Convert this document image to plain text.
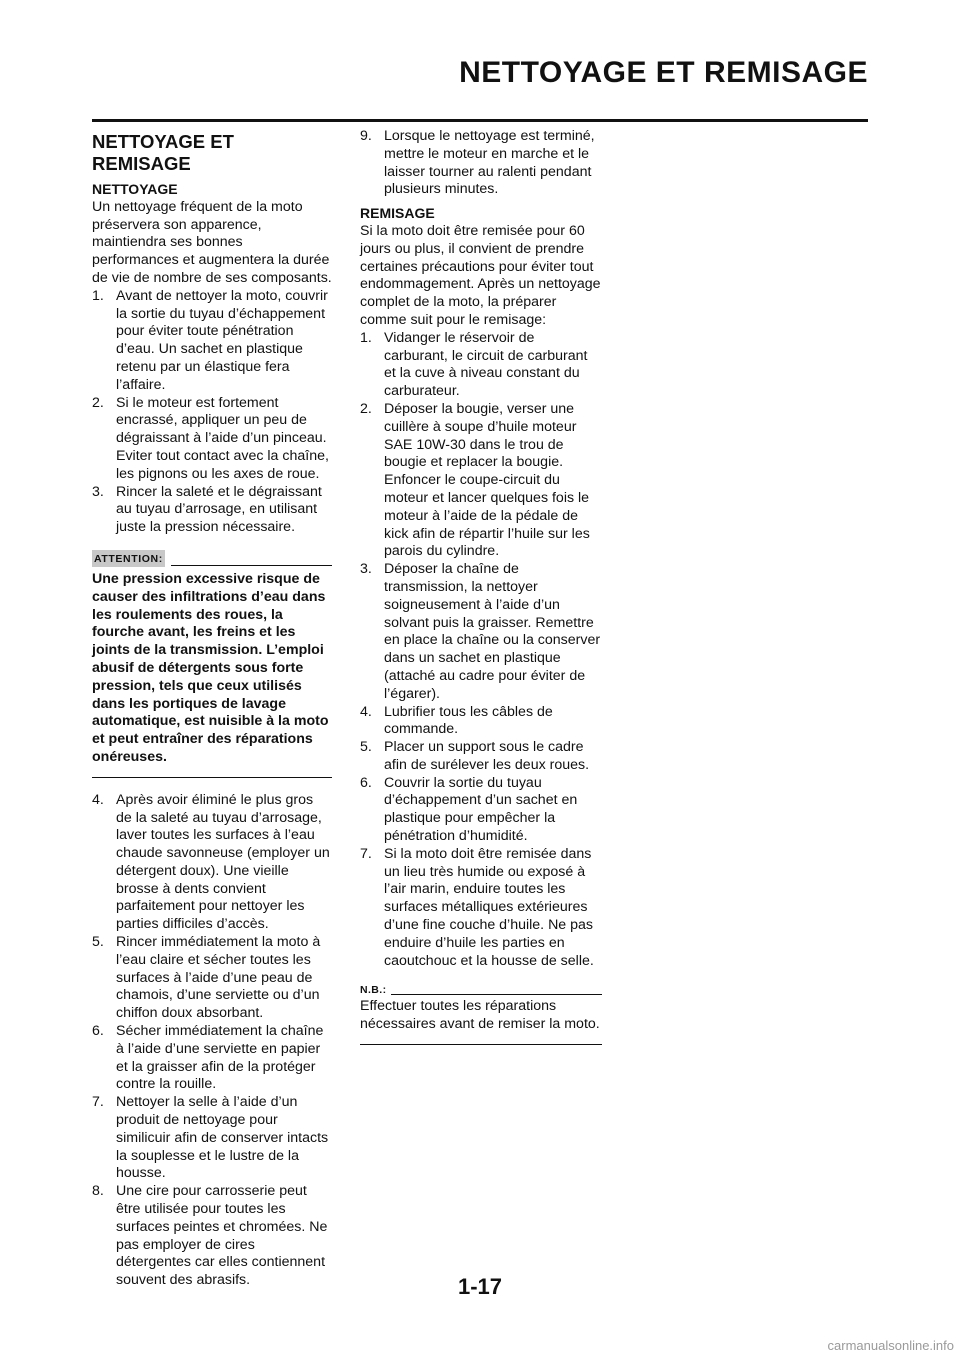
NETTOYAGE ET REMISAGE
NETTOYAGE ET REMISAGE
NETTOYAGE

Un nettoyage fréquent de la moto préservera son apparence, maintiendra ses bonnes performances et augmentera la durée de vie de nombre de ses composants.

1. Avant de nettoyer la moto, couvrir la sortie du tuyau d’échappement pour éviter toute pénétration d’eau. Un sachet en plastique retenu par un élastique fera l’affaire.
2. Si le moteur est fortement encrassé, appliquer un peu de dégraissant à l’aide d’un pinceau. Eviter tout contact avec la chaîne, les pignons ou les axes de roue.
3. Rincer la saleté et le dégraissant au tuyau d’arrosage, en utilisant juste la pression nécessaire.
ATTENTION:
Une pression excessive risque de causer des infiltrations d’eau dans les roulements des roues, la fourche avant, les freins et les joints de la transmission. L’emploi abusif de détergents sous forte pression, tels que ceux utilisés dans les portiques de lavage automatique, est nuisible à la moto et peut entraîner des réparations onéreuses.
4. Après avoir éliminé le plus gros de la saleté au tuyau d’arrosage, laver toutes les surfaces à l’eau chaude savonneuse (employer un détergent doux). Une vieille brosse à dents convient parfaitement pour nettoyer les parties difficiles d’accès.
5. Rincer immédiatement la moto à l’eau claire et sécher toutes les surfaces à l’aide d’une peau de chamois, d’une serviette ou d’un chiffon doux absorbant.
6. Sécher immédiatement la chaîne à l’aide d’une serviette en papier et la graisser afin de la protéger contre la rouille.
7. Nettoyer la selle à l’aide d’un produit de nettoyage pour similicuir afin de conserver intacts la souplesse et le lustre de la housse.
8. Une cire pour carrosserie peut être utilisée pour toutes les surfaces peintes et chromées. Ne pas employer de cires détergentes car elles contiennent souvent des abrasifs.
9. Lorsque le nettoyage est terminé, mettre le moteur en marche et le laisser tourner au ralenti pendant plusieurs minutes.
REMISAGE

Si la moto doit être remisée pour 60 jours ou plus, il convient de prendre certaines précautions pour éviter tout endommagement. Après un nettoyage complet de la moto, la préparer comme suit pour le remisage:

1. Vidanger le réservoir de carburant, le circuit de carburant et la cuve à niveau constant du carburateur.
2. Déposer la bougie, verser une cuillère à soupe d’huile moteur SAE 10W-30 dans le trou de bougie et replacer la bougie. Enfoncer le coupe-circuit du moteur et lancer quelques fois le moteur à l’aide de la pédale de kick afin de répartir l’huile sur les parois du cylindre.
3. Déposer la chaîne de transmission, la nettoyer soigneusement à l’aide d’un solvant puis la graisser. Remettre en place la chaîne ou la conserver dans un sachet en plastique (attaché au cadre pour éviter de l’égarer).
4. Lubrifier tous les câbles de commande.
5. Placer un support sous le cadre afin de surélever les deux roues.
6. Couvrir la sortie du tuyau d’échappement d’un sachet en plastique pour empêcher la pénétration d’humidité.
7. Si la moto doit être remisée dans un lieu très humide ou exposé à l’air marin, enduire toutes les surfaces métalliques extérieures d’une fine couche d’huile. Ne pas enduire d’huile les parties en caoutchouc et la housse de selle.
N.B.:
Effectuer toutes les réparations nécessaires avant de remiser la moto.
1-17
carmanualsonline.info
